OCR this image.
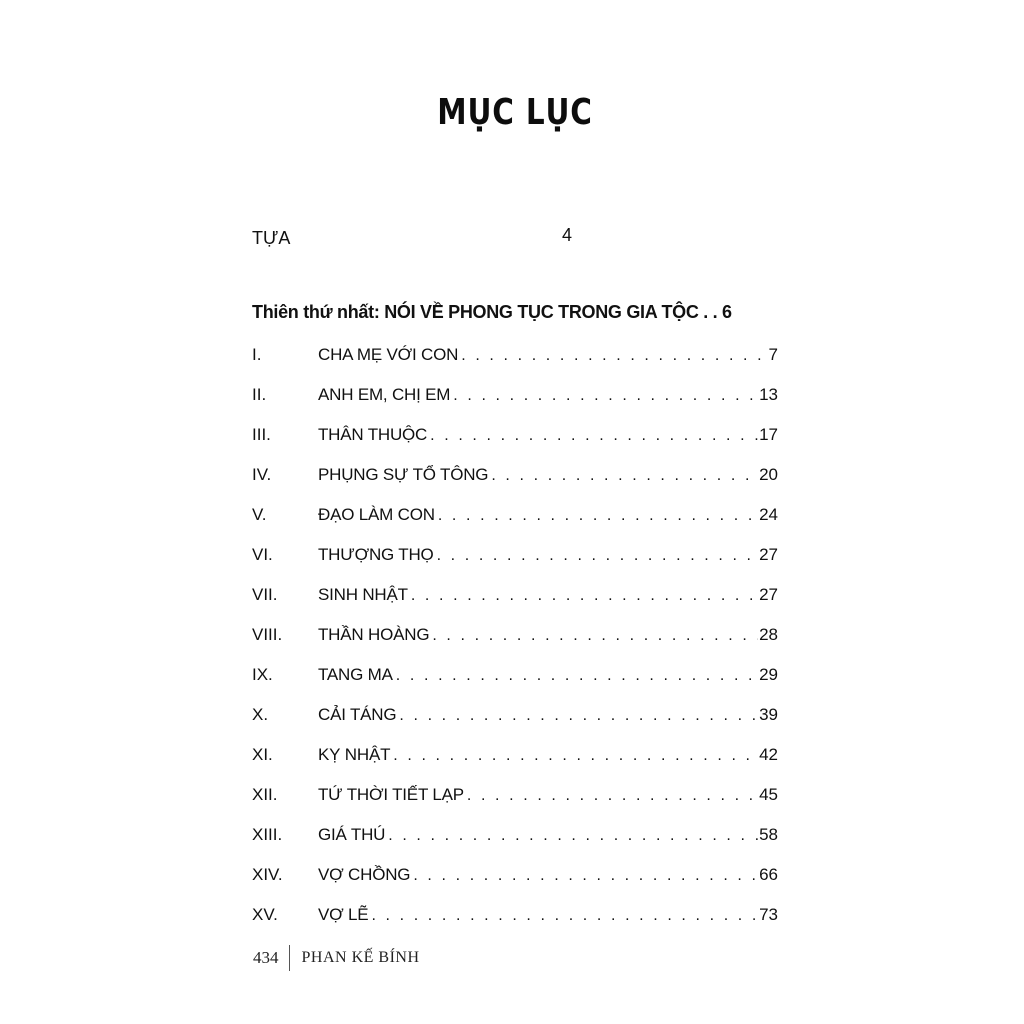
MỤC LỤC
TỰA	4
Thiên thứ nhất: NÓI VỀ PHONG TỤC TRONG GIA TỘC . . 6
I.	CHA MẸ VỚI CON . . .	7
II.	ANH EM, CHỊ EM . . .	13
III.	THÂN THUỘC . . .	17
IV.	PHỤNG SỰ TỔ TÔNG . . .	20
V.	ĐẠO LÀM CON . . .	24
VI.	THƯỢNG THỌ . . .	27
VII.	SINH NHẬT . . .	27
VIII.	THẦN HOÀNG . . .	28
IX.	TANG MA . . .	29
X.	CẢI TÁNG . . .	39
XI.	KỴ NHẬT . . .	42
XII.	TỨ THỜI TIẾT LẠP . . .	45
XIII.	GIÁ THÚ . . .	58
XIV.	VỢ CHỒNG . . .	66
XV.	VỢ LẼ . . .	73
434	PHAN KẾ BÍNH
